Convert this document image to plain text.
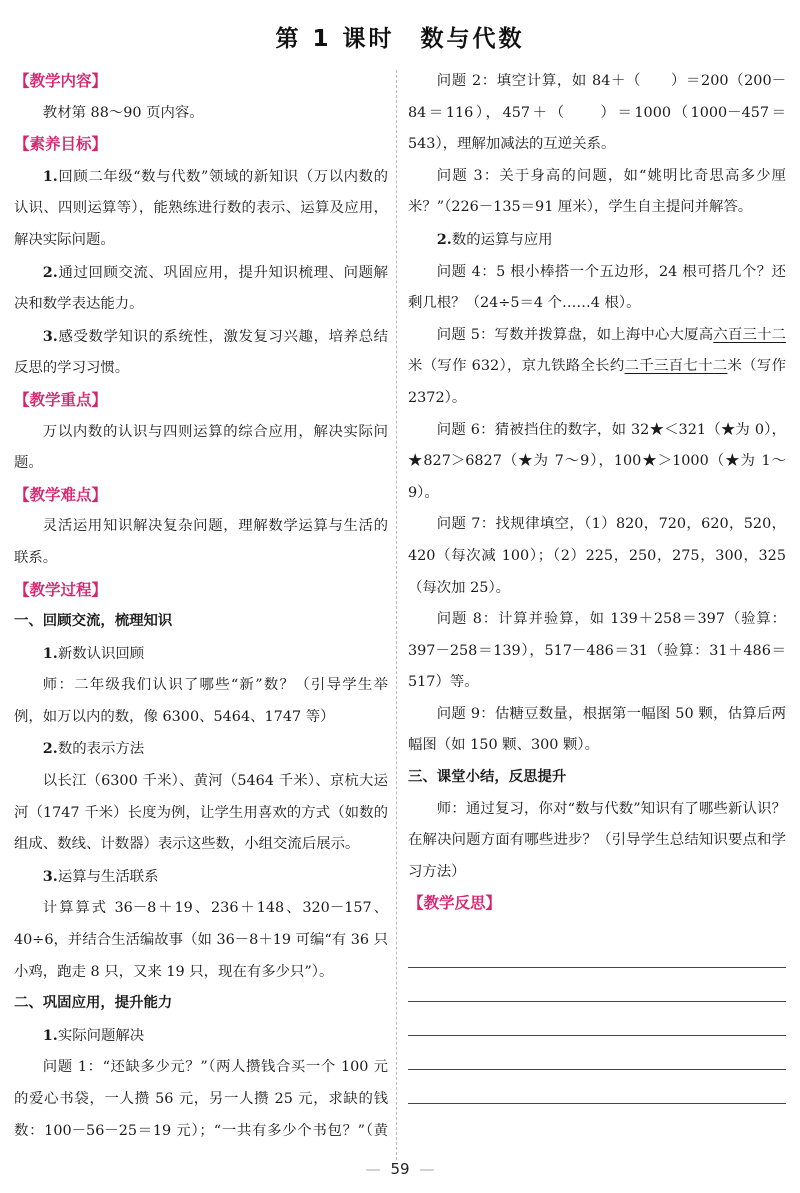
第 1 课时　数与代数

【教学内容】

教材第 88～90 页内容。

【素养目标】

1.回顾二年级“数与代数”领域的新知识（万以内数的认识、四则运算等），能熟练进行数的表示、运算及应用，解决实际问题。

2.通过回顾交流、巩固应用，提升知识梳理、问题解决和数学表达能力。

3.感受数学知识的系统性，激发复习兴趣，培养总结反思的学习习惯。

【教学重点】

万以内数的认识与四则运算的综合应用，解决实际问题。

【教学难点】

灵活运用知识解决复杂问题，理解数学运算与生活的联系。

【教学过程】

一、回顾交流，梳理知识

1.新数认识回顾

师：二年级我们认识了哪些“新”数？（引导学生举例，如万以内的数，像 6300、5464、1747 等）

2.数的表示方法

以长江（6300 千米）、黄河（5464 千米）、京杭大运河（1747 千米）长度为例，让学生用喜欢的方式（如数的组成、数线、计数器）表示这些数，小组交流后展示。

3.运算与生活联系

计算算式 36－8＋19、236＋148、320－157、40÷6，并结合生活编故事（如 36－8＋19 可编“有 36 只小鸡，跑走 8 只，又来 19 只，现在有多少只”）。

二、巩固应用，提升能力

1.实际问题解决

问题 1：“还缺多少元？”（两人攒钱合买一个 100 元的爱心书袋，一人攒 56 元，另一人攒 25 元，求缺的钱数：100－56－25＝19 元）；“一共有多少个书包？”（黄

问题 2：填空计算，如 84＋（　　）＝200（200－84＝116），457＋（　　）＝1000（1000－457＝543），理解加减法的互逆关系。

问题 3：关于身高的问题，如“姚明比奇思高多少厘米？”（226－135＝91 厘米），学生自主提问并解答。

2.数的运算与应用

问题 4：5 根小棒搭一个五边形，24 根可搭几个？还剩几根？（24÷5＝4 个……4 根）。

问题 5：写数并拨算盘，如上海中心大厦高六百三十二米（写作 632），京九铁路全长约二千三百七十二米（写作 2372）。

问题 6：猜被挡住的数字，如 32★＜321（★为 0），★827＞6827（★为 7～9），100★＞1000（★为 1～9）。

问题 7：找规律填空，（1）820，720，620，520，420（每次减 100）；（2）225，250，275，300，325（每次加 25）。

问题 8：计算并验算，如 139＋258＝397（验算：397－258＝139），517－486＝31（验算：31＋486＝517）等。

问题 9：估糖豆数量，根据第一幅图 50 颗，估算后两幅图（如 150 颗、300 颗）。

三、课堂小结，反思提升

师：通过复习，你对“数与代数”知识有了哪些新认识？在解决问题方面有哪些进步？（引导学生总结知识要点和学习方法）

【教学反思】

— 59 —
